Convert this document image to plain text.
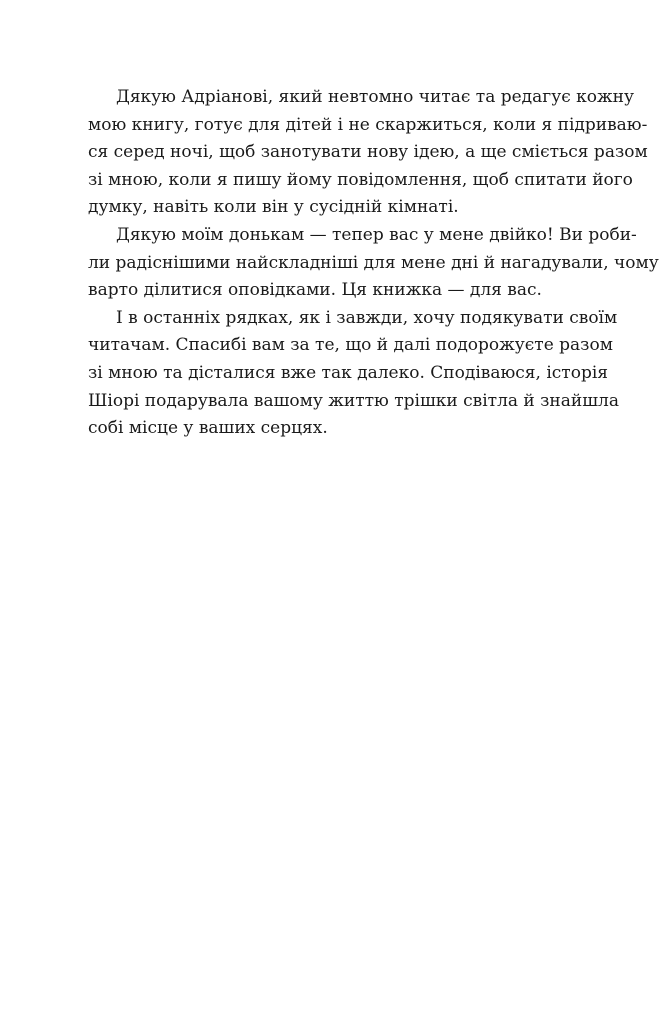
Дякую Адріанові, який невтомно читає та редагує кожну
мою книгу, готує для дітей і не скаржиться, коли я підриваю-
ся серед ночі, щоб занотувати нову ідею, а ще сміється разом
зі мною, коли я пишу йому повідомлення, щоб спитати його
думку, навіть коли він у сусідній кімнаті.

Дякую моїм донькам — тепер вас у мене двійко! Ви роби-
ли радіснішими найскладніші для мене дні й нагадували, чому
варто ділитися оповідками. Ця книжка — для вас.

І в останніх рядках, як і завжди, хочу подякувати своїм
читачам. Спасибі вам за те, що й далі подорожуєте разом
зі мною та дісталися вже так далеко. Сподіваюся, історія
Шіорі подарувала вашому життю трішки світла й знайшла
собі місце у ваших серцях.
